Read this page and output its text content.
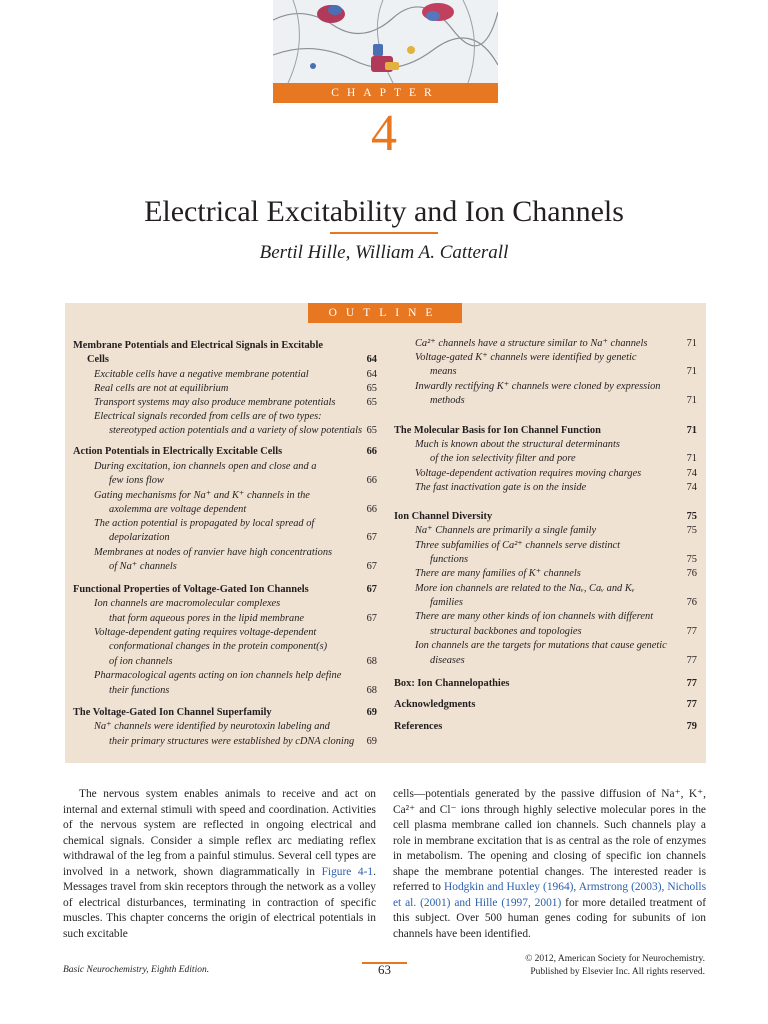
CHAPTER
4
Electrical Excitability and Ion Channels
Bertil Hille, William A. Catterall
OUTLINE
Membrane Potentials and Electrical Signals in Excitable
Cells	64
Excitable cells have a negative membrane potential	64
Real cells are not at equilibrium	65
Transport systems may also produce membrane potentials	65
Electrical signals recorded from cells are of two types:
stereotyped action potentials and a variety of slow potentials 65
Action Potentials in Electrically Excitable Cells	66
During excitation, ion channels open and close and a
few ions flow	66
Gating mechanisms for Na⁺ and K⁺ channels in the
axolemma are voltage dependent	66
The action potential is propagated by local spread of
depolarization	67
Membranes at nodes of ranvier have high concentrations
of Na⁺ channels	67
Functional Properties of Voltage-Gated Ion Channels	67
Ion channels are macromolecular complexes
that form aqueous pores in the lipid membrane	67
Voltage-dependent gating requires voltage-dependent
conformational changes in the protein component(s)
of ion channels	68
Pharmacological agents acting on ion channels help define
their functions	68
The Voltage-Gated Ion Channel Superfamily	69
Na⁺ channels were identified by neurotoxin labeling and
their primary structures were established by cDNA cloning	69
Ca²⁺ channels have a structure similar to Na⁺ channels	71
Voltage-gated K⁺ channels were identified by genetic
means	71
Inwardly rectifying K⁺ channels were cloned by expression
methods	71
The Molecular Basis for Ion Channel Function	71
Much is known about the structural determinants
of the ion selectivity filter and pore	71
Voltage-dependent activation requires moving charges	74
The fast inactivation gate is on the inside	74
Ion Channel Diversity	75
Na⁺ Channels are primarily a single family	75
Three subfamilies of Ca²⁺ channels serve distinct
functions	75
There are many families of K⁺ channels	76
More ion channels are related to the Naᵥ, Caᵥ and Kᵥ
families	76
There are many other kinds of ion channels with different
structural backbones and topologies	77
Ion channels are the targets for mutations that cause genetic
diseases	77
Box: Ion Channelopathies	77
Acknowledgments	77
References	79
The nervous system enables animals to receive and act on internal and external stimuli with speed and coordination. Activities of the nervous system are reflected in ongoing electrical and chemical signals. Consider a simple reflex arc mediating reflex withdrawal of the leg from a painful stimulus. Several cell types are involved in a network, shown diagrammatically in Figure 4-1. Messages travel from skin receptors through the network as a volley of electrical disturbances, terminating in contraction of specific muscles. This chapter concerns the origin of electrical potentials in such excitable
cells—potentials generated by the passive diffusion of Na⁺, K⁺, Ca²⁺ and Cl⁻ ions through highly selective molecular pores in the cell plasma membrane called ion channels. Such channels play a role in membrane excitation that is as central as the role of enzymes in metabolism. The opening and closing of specific ion channels shape the membrane potential changes. The interested reader is referred to Hodgkin and Huxley (1964), Armstrong (2003), Nicholls et al. (2001) and Hille (1997, 2001) for more detailed treatment of this subject. Over 500 human genes coding for subunits of ion channels have been identified.
Basic Neurochemistry, Eighth Edition.	63
© 2012, American Society for Neurochemistry.
Published by Elsevier Inc. All rights reserved.
